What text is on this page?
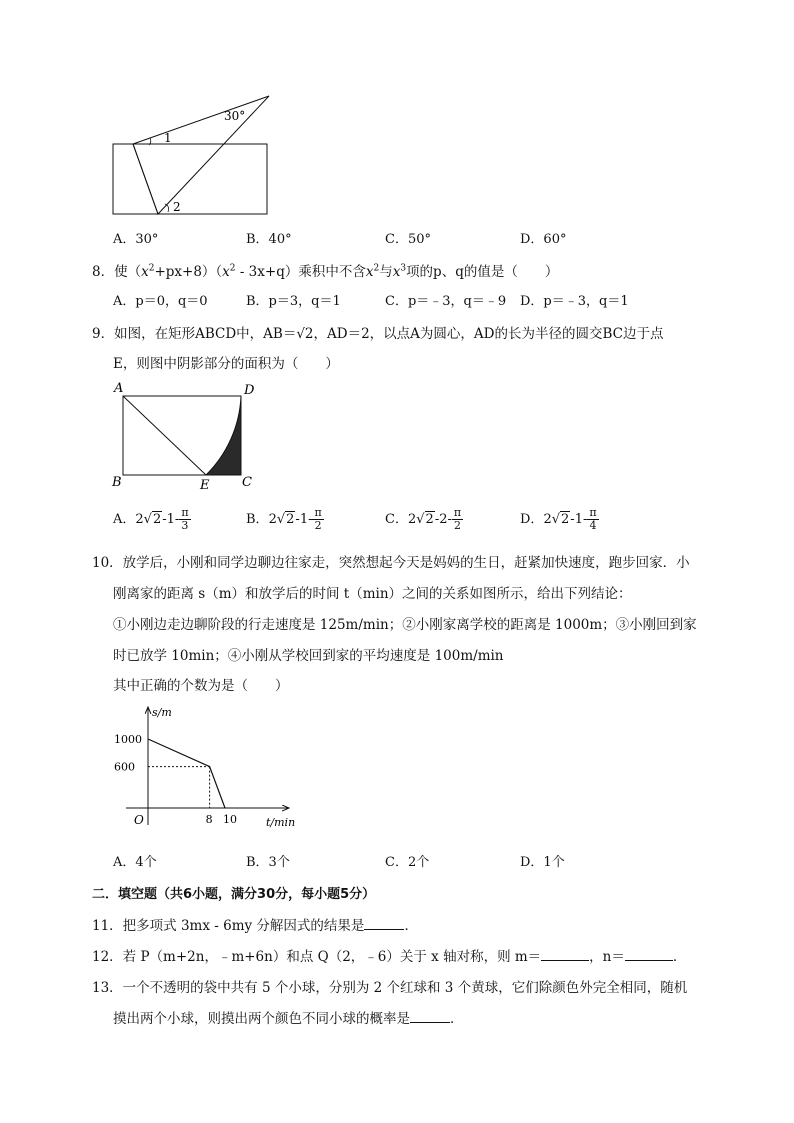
30°
1
2
A．30°	B．40°	C．50°	D．60°
8．使$(x^2+px+8)(x^2 - 3x+q)$乘积中不含$x^2$与$x^3$项的p、q的值是（　　）
A．p＝0，q＝0	B．p＝3，q＝1	C．p＝﹣3，q＝﹣9 D．p＝﹣3，q＝1
9．如图，在矩形ABCD中，AB＝√2，AD＝2，以点A为圆心，AD的长为半径的圆交BC边于点
E，则图中阴影部分的面积为（　　）
A	D
B	E	C
A．$2√2-1- \frac{\pi}{3}$	B．$2√2-1- \frac{\pi}{2}$	C．$2√2-2- \frac{\pi}{2}$	D．$2√2-1- \frac{\pi}{4}$
10．放学后，小刚和同学边聊边往家走，突然想起今天是妈妈的生日，赶紧加快速度，跑步回家．小
刚离家的距离 s（m）和放学后的时间 t（min）之间的关系如图所示，给出下列结论：
①小刚边走边聊阶段的行走速度是 125m/min；②小刚家离学校的距离是 1000m；③小刚回到家
时已放学 10min；④小刚从学校回到家的平均速度是 100m/min
其中正确的个数为是（　　）
s/m
t/min
O
1000
600
8 10
A．4个	B．3个	C．2个	D．1个
二．填空题（共6小题，满分30分，每小题5分）
11．把多项式 3mx - 6my 分解因式的结果是	．
12．若 P（m+2n，﹣m+6n）和点 Q（2，﹣6）关于 x 轴对称，则 m＝	，n＝	．
13．一个不透明的袋中共有 5 个小球，分别为 2 个红球和 3 个黄球，它们除颜色外完全相同，随机
摸出两个小球，则摸出两个颜色不同小球的概率是	．
